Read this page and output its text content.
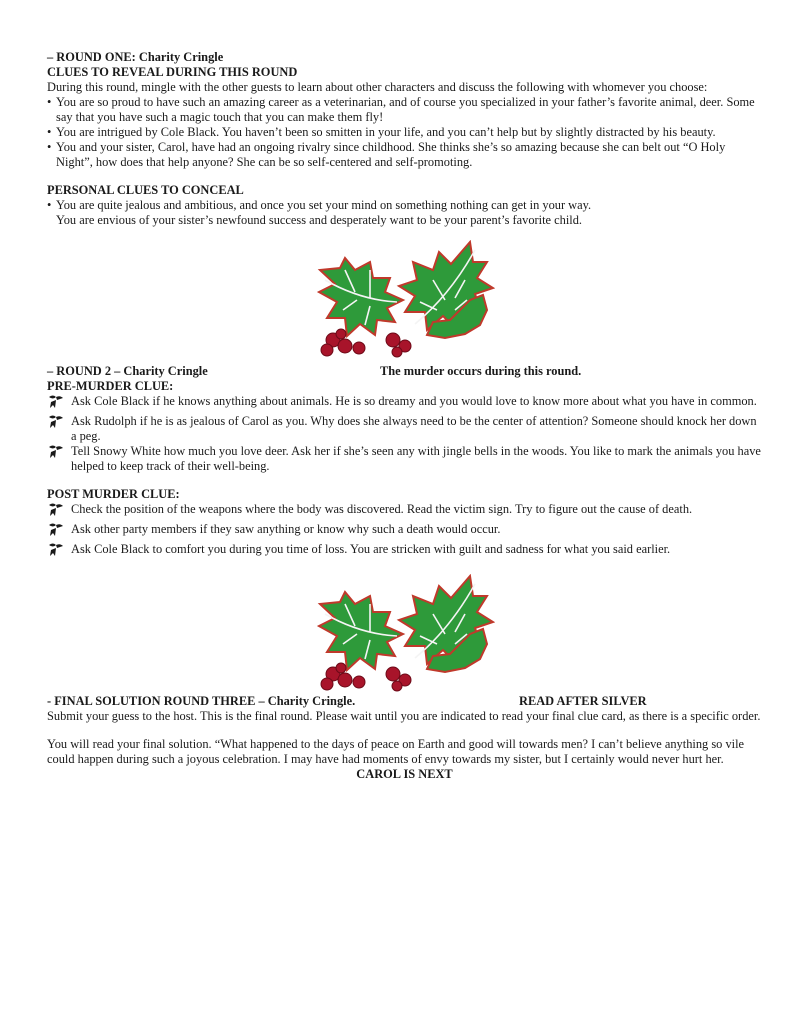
– ROUND ONE: Charity Cringle

CLUES TO REVEAL DURING THIS ROUND

During this round, mingle with the other guests to learn about other characters and discuss the following with whomever you choose:

• You are so proud to have such an amazing career as a veterinarian, and of course you specialized in your father’s favorite animal, deer. Some say that you have such a magic touch that you can make them fly!
• You are intrigued by Cole Black. You haven’t been so smitten in your life, and you can’t help but by slightly distracted by his beauty.
• You and your sister, Carol, have had an ongoing rivalry since childhood. She thinks she’s so amazing because she can belt out “O Holy Night”, how does that help anyone? She can be so self-centered and self-promoting.

PERSONAL CLUES TO CONCEAL

• You are quite jealous and ambitious, and once you set your mind on something nothing can get in your way.

You are envious of your sister’s newfound success and desperately want to be your parent’s favorite child.

– ROUND 2 – Charity Cringle	The murder occurs during this round.

PRE-MURDER CLUE:

Ask Cole Black if he knows anything about animals. He is so dreamy and you would love to know more about what you have in common.
Ask Rudolph if he is as jealous of Carol as you. Why does she always need to be the center of attention? Someone should knock her down a peg.
Tell Snowy White how much you love deer. Ask her if she’s seen any with jingle bells in the woods. You like to mark the animals you have helped to keep track of their well-being.

POST MURDER CLUE:

Check the position of the weapons where the body was discovered. Read the victim sign. Try to figure out the cause of death.
Ask other party members if they saw anything or know why such a death would occur.
Ask Cole Black to comfort you during you time of loss. You are stricken with guilt and sadness for what you said earlier.

- FINAL SOLUTION ROUND THREE – Charity Cringle.	READ AFTER SILVER

Submit your guess to the host. This is the final round. Please wait until you are indicated to read your final clue card, as there is a specific order.

You will read your final solution. “What happened to the days of peace on Earth and good will towards men? I can’t believe anything so vile could happen during such a joyous celebration. I may have had moments of envy towards my sister, but I certainly would never hurt her.

CAROL IS NEXT
